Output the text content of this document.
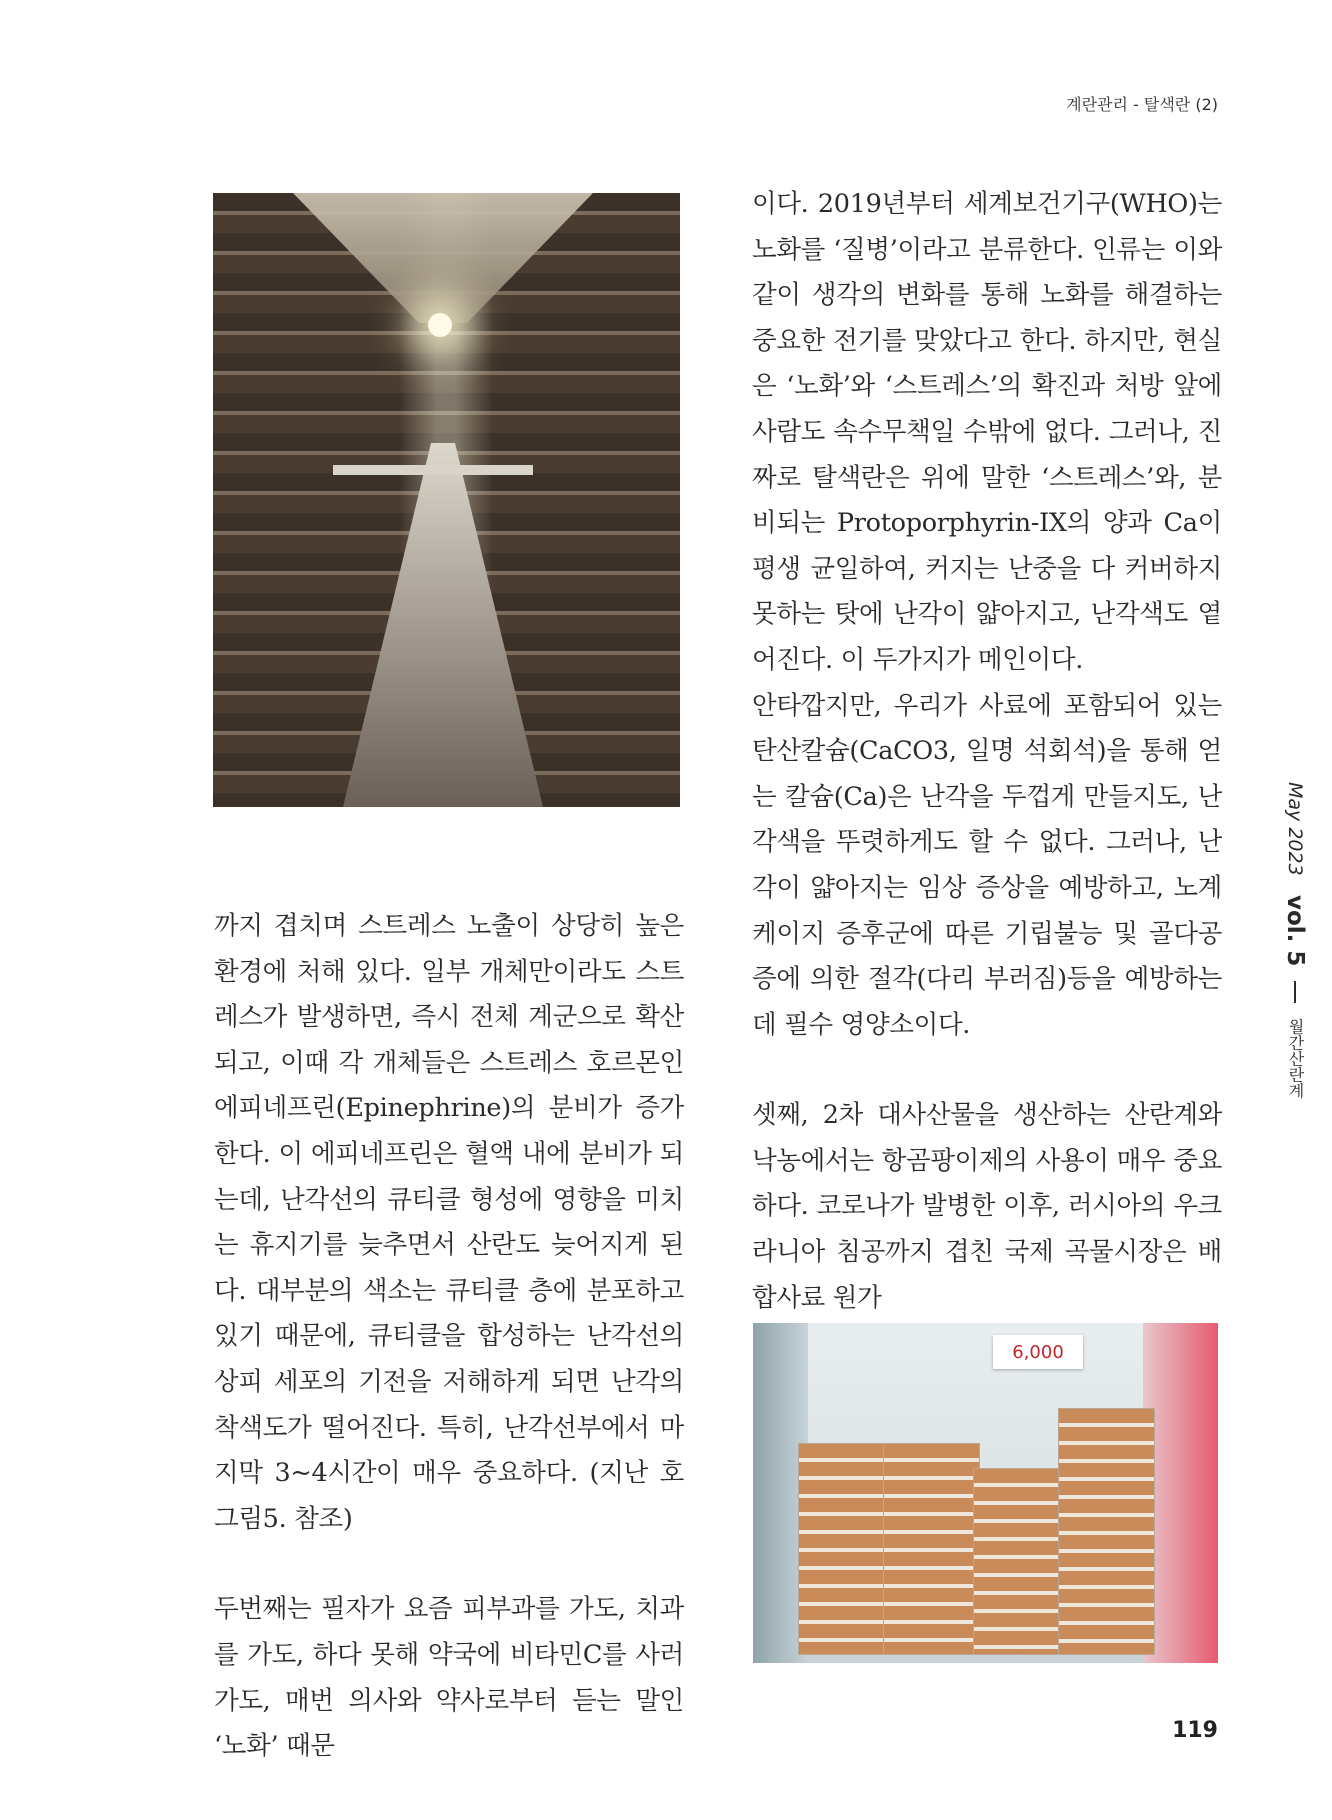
계란관리 - 탈색란 (2)

이다. 2019년부터 세계보건기구(WHO)는 노화를 ‘질병’이라고 분류한다. 인류는 이와 같이 생각의 변화를 통해 노화를 해결하는 중요한 전기를 맞았다고 한다. 하지만, 현실은 ‘노화’와 ‘스트레스’의 확진과 처방 앞에 사람도 속수무책일 수밖에 없다. 그러나, 진짜로 탈색란은 위에 말한 ‘스트레스’와, 분비되는 Protoporphyrin-IX의 양과 Ca이 평생 균일하여, 커지는 난중을 다 커버하지 못하는 탓에 난각이 얇아지고, 난각색도 옅어진다. 이 두가지가 메인이다.

안타깝지만, 우리가 사료에 포함되어 있는 탄산칼슘(CaCO3, 일명 석회석)을 통해 얻는 칼슘(Ca)은 난각을 두껍게 만들지도, 난각색을 뚜렷하게도 할 수 없다. 그러나, 난각이 얇아지는 임상 증상을 예방하고, 노계 케이지 증후군에 따른 기립불능 및 골다공증에 의한 절각(다리 부러짐)등을 예방하는데 필수 영양소이다.

셋째, 2차 대사산물을 생산하는 산란계와 낙농에서는 항곰팡이제의 사용이 매우 중요하다. 코로나가 발병한 이후, 러시아의 우크라니아 침공까지 겹친 국제 곡물시장은 배합사료 원가

까지 겹치며 스트레스 노출이 상당히 높은 환경에 처해 있다. 일부 개체만이라도 스트레스가 발생하면, 즉시 전체 계군으로 확산되고, 이때 각 개체들은 스트레스 호르몬인 에피네프린(Epinephrine)의 분비가 증가한다. 이 에피네프린은 혈액 내에 분비가 되는데, 난각선의 큐티클 형성에 영향을 미치는 휴지기를 늦추면서 산란도 늦어지게 된다. 대부분의 색소는 큐티클 층에 분포하고 있기 때문에, 큐티클을 합성하는 난각선의 상피 세포의 기전을 저해하게 되면 난각의 착색도가 떨어진다. 특히, 난각선부에서 마지막 3~4시간이 매우 중요하다. (지난 호 그림5. 참조)

두번째는 필자가 요즘 피부과를 가도, 치과를 가도, 하다 못해 약국에 비타민C를 사러 가도, 매번 의사와 약사로부터 듣는 말인 ‘노화’ 때문

6,000
May 2023 vol. 5  월간산란계
119
